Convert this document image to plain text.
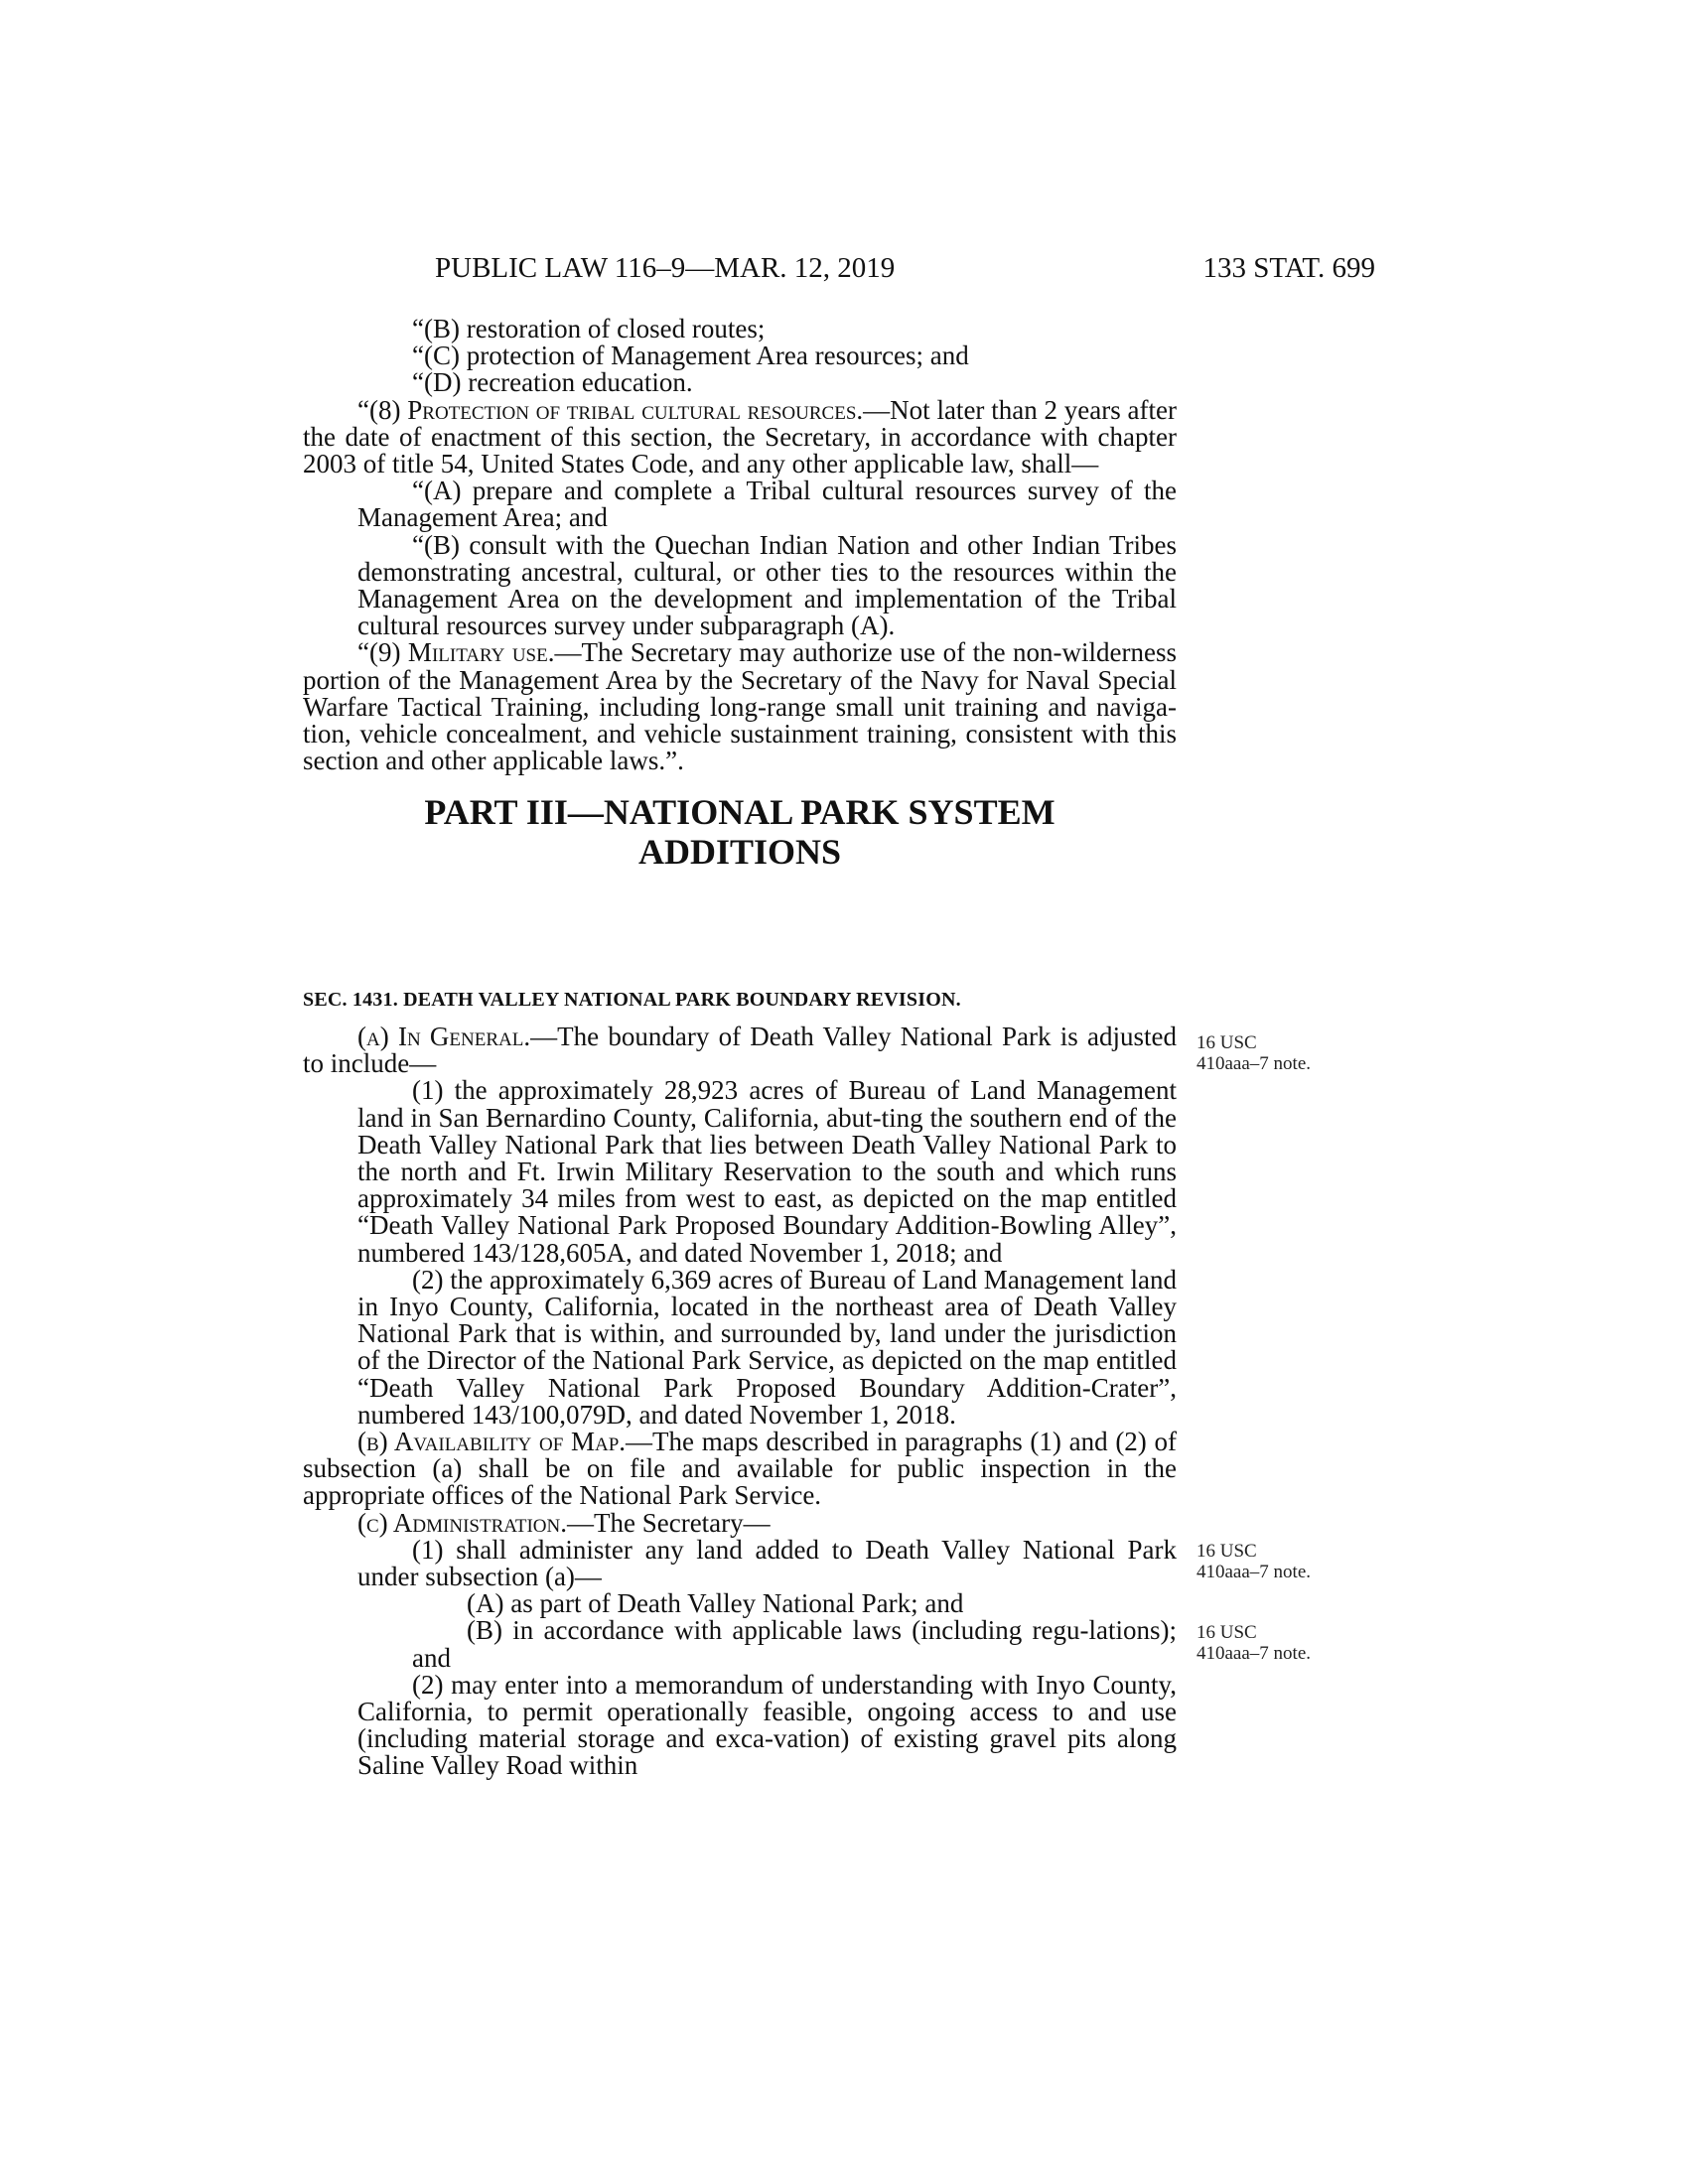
PUBLIC LAW 116–9—MAR. 12, 2019	133 STAT. 699

“(B) restoration of closed routes;

“(C) protection of Management Area resources; and

“(D) recreation education.

“(8) Protection of tribal cultural resources.—Not later than 2 years after the date of enactment of this section, the Secretary, in accordance with chapter 2003 of title 54, United States Code, and any other applicable law, shall—

“(A) prepare and complete a Tribal cultural resources survey of the Management Area; and

“(B) consult with the Quechan Indian Nation and other Indian Tribes demonstrating ancestral, cultural, or other ties to the resources within the Management Area on the development and implementation of the Tribal cultural resources survey under subparagraph (A).

“(9) Military use.—The Secretary may authorize use of the non-wilderness portion of the Management Area by the Secretary of the Navy for Naval Special Warfare Tactical Training, including long-range small unit training and naviga-tion, vehicle concealment, and vehicle sustainment training, consistent with this section and other applicable laws.”.

PART III—NATIONAL PARK SYSTEM
ADDITIONS
SEC. 1431. DEATH VALLEY NATIONAL PARK BOUNDARY REVISION.

(a) In General.—The boundary of Death Valley National Park is adjusted to include—

(1) the approximately 28,923 acres of Bureau of Land Management land in San Bernardino County, California, abut-ting the southern end of the Death Valley National Park that lies between Death Valley National Park to the north and Ft. Irwin Military Reservation to the south and which runs approximately 34 miles from west to east, as depicted on the map entitled “Death Valley National Park Proposed Boundary Addition-Bowling Alley”, numbered 143/128,605A, and dated November 1, 2018; and

(2) the approximately 6,369 acres of Bureau of Land Management land in Inyo County, California, located in the northeast area of Death Valley National Park that is within, and surrounded by, land under the jurisdiction of the Director of the National Park Service, as depicted on the map entitled “Death Valley National Park Proposed Boundary Addition-Crater”, numbered 143/100,079D, and dated November 1, 2018.

(b) Availability of Map.—The maps described in paragraphs (1) and (2) of subsection (a) shall be on file and available for public inspection in the appropriate offices of the National Park Service.

(c) Administration.—The Secretary—

(1) shall administer any land added to Death Valley National Park under subsection (a)—

(A) as part of Death Valley National Park; and

(B) in accordance with applicable laws (including regu-lations); and

(2) may enter into a memorandum of understanding with Inyo County, California, to permit operationally feasible, ongoing access to and use (including material storage and exca-vation) of existing gravel pits along Saline Valley Road within

16 USC
410aaa–7 note.
16 USC
410aaa–7 note.
16 USC
410aaa–7 note.
